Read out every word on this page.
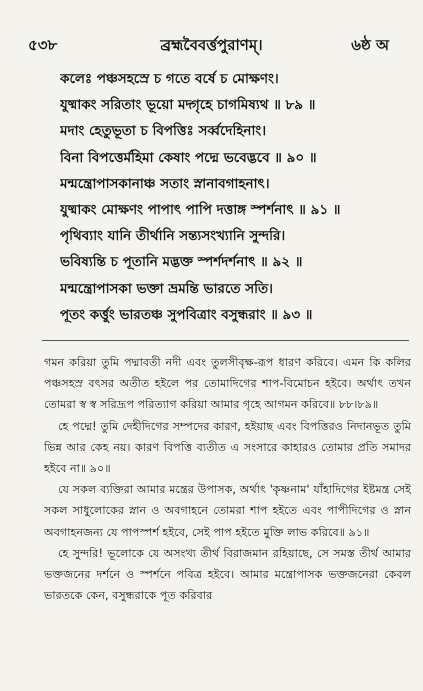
৫৩৮	ব্রহ্মবৈবর্ত্তপুরাণম্।	৬ষ্ঠ অ
কলেঃ পঞ্চসহস্রে চ গতে বর্ষে চ মোক্ষণং।
যুষ্মাকং সরিতাং ভূয়ো মদ্গৃহে চাগমিষ্যথ ॥ ৮৯ ॥
মদাং হেতুভূতা চ বিপত্তিঃ সর্ব্বদেহিনাং।
বিনা বিপত্তের্মহিমা কেষাং পদ্মে ভবেদ্ভবে ॥ ৯০ ॥
মন্মন্ত্রোপাসকানাঞ্চ সতাং স্নানাবগাহনাৎ।
যুষ্মাকং মোক্ষণং পাপাৎ পাপি দত্তাঙ্গ স্পর্শনাৎ ॥ ৯১ ॥
পৃথিব্যাং যানি তীর্থানি সন্ত্যসংখ্যানি সুন্দরি।
ভবিষ্যন্তি চ পূতানি মদ্ভক্ত স্পর্শদর্শনাৎ ॥ ৯২ ॥
মন্মন্ত্রোপাসকা ভক্তা ভ্রমন্তি ভারতে সতি।
পূতং কর্ত্তুং ভারতঞ্চ সুপবিত্রাং বসুন্ধরাং ॥ ৯৩ ॥

গমন করিয়া তুমি পদ্মাবতী নদী এবং তুলসীবৃক্ষ-রূপ ধারণ করিবে। এমন কি কলির পঞ্চসহস্র বৎসর অতীত হইলে পর তোমাদিগের শাপ-বিমোচন হইবে। অর্থাৎ তখন তোমরা স্ব স্ব সরিদ্রূপ পরিত্যাগ করিয়া আমার গৃহে আগমন করিবে॥ ৮৮।৮৯॥

হে পদ্মে! তুমি দেহীদিগের সম্পদের কারণ, হইয়াছ এবং বিপত্তিরও নিদানভূত তুমি ভিন্ন আর কেহ নয়। কারণ বিপত্তি ব্যতীত এ সংসারে কাহারও তোমার প্রতি সমাদর হইবে না॥ ৯০॥

যে সকল ব্যক্তিরা আমার মন্ত্রের উপাসক, অর্থাৎ 'কৃষ্ণনাম' যাঁহাদিগের ইষ্টমন্ত্র সেই সকল সাধুলোকের স্নান ও অবগাহনে তোমরা শাপ হইতে এবং পাপীদিগের ও স্নান অবগাহনজন্য যে পাপস্পর্শ হইবে, সেই পাপ হইতে মুক্তি লাভ করিবে॥ ৯১॥

হে সুন্দরি! ভূলোকে যে অসংখ্য তীর্থ বিরাজমান রহিয়াছে, সে সমস্ত তীর্থ আমার ভক্তজনের দর্শনে ও স্পর্শনে পবিত্র হইবে। আমার মন্ত্রোপাসক ভক্তজনেরা কেবল ভারতকে কেন, বসুন্ধরাকে পূত করিবার
